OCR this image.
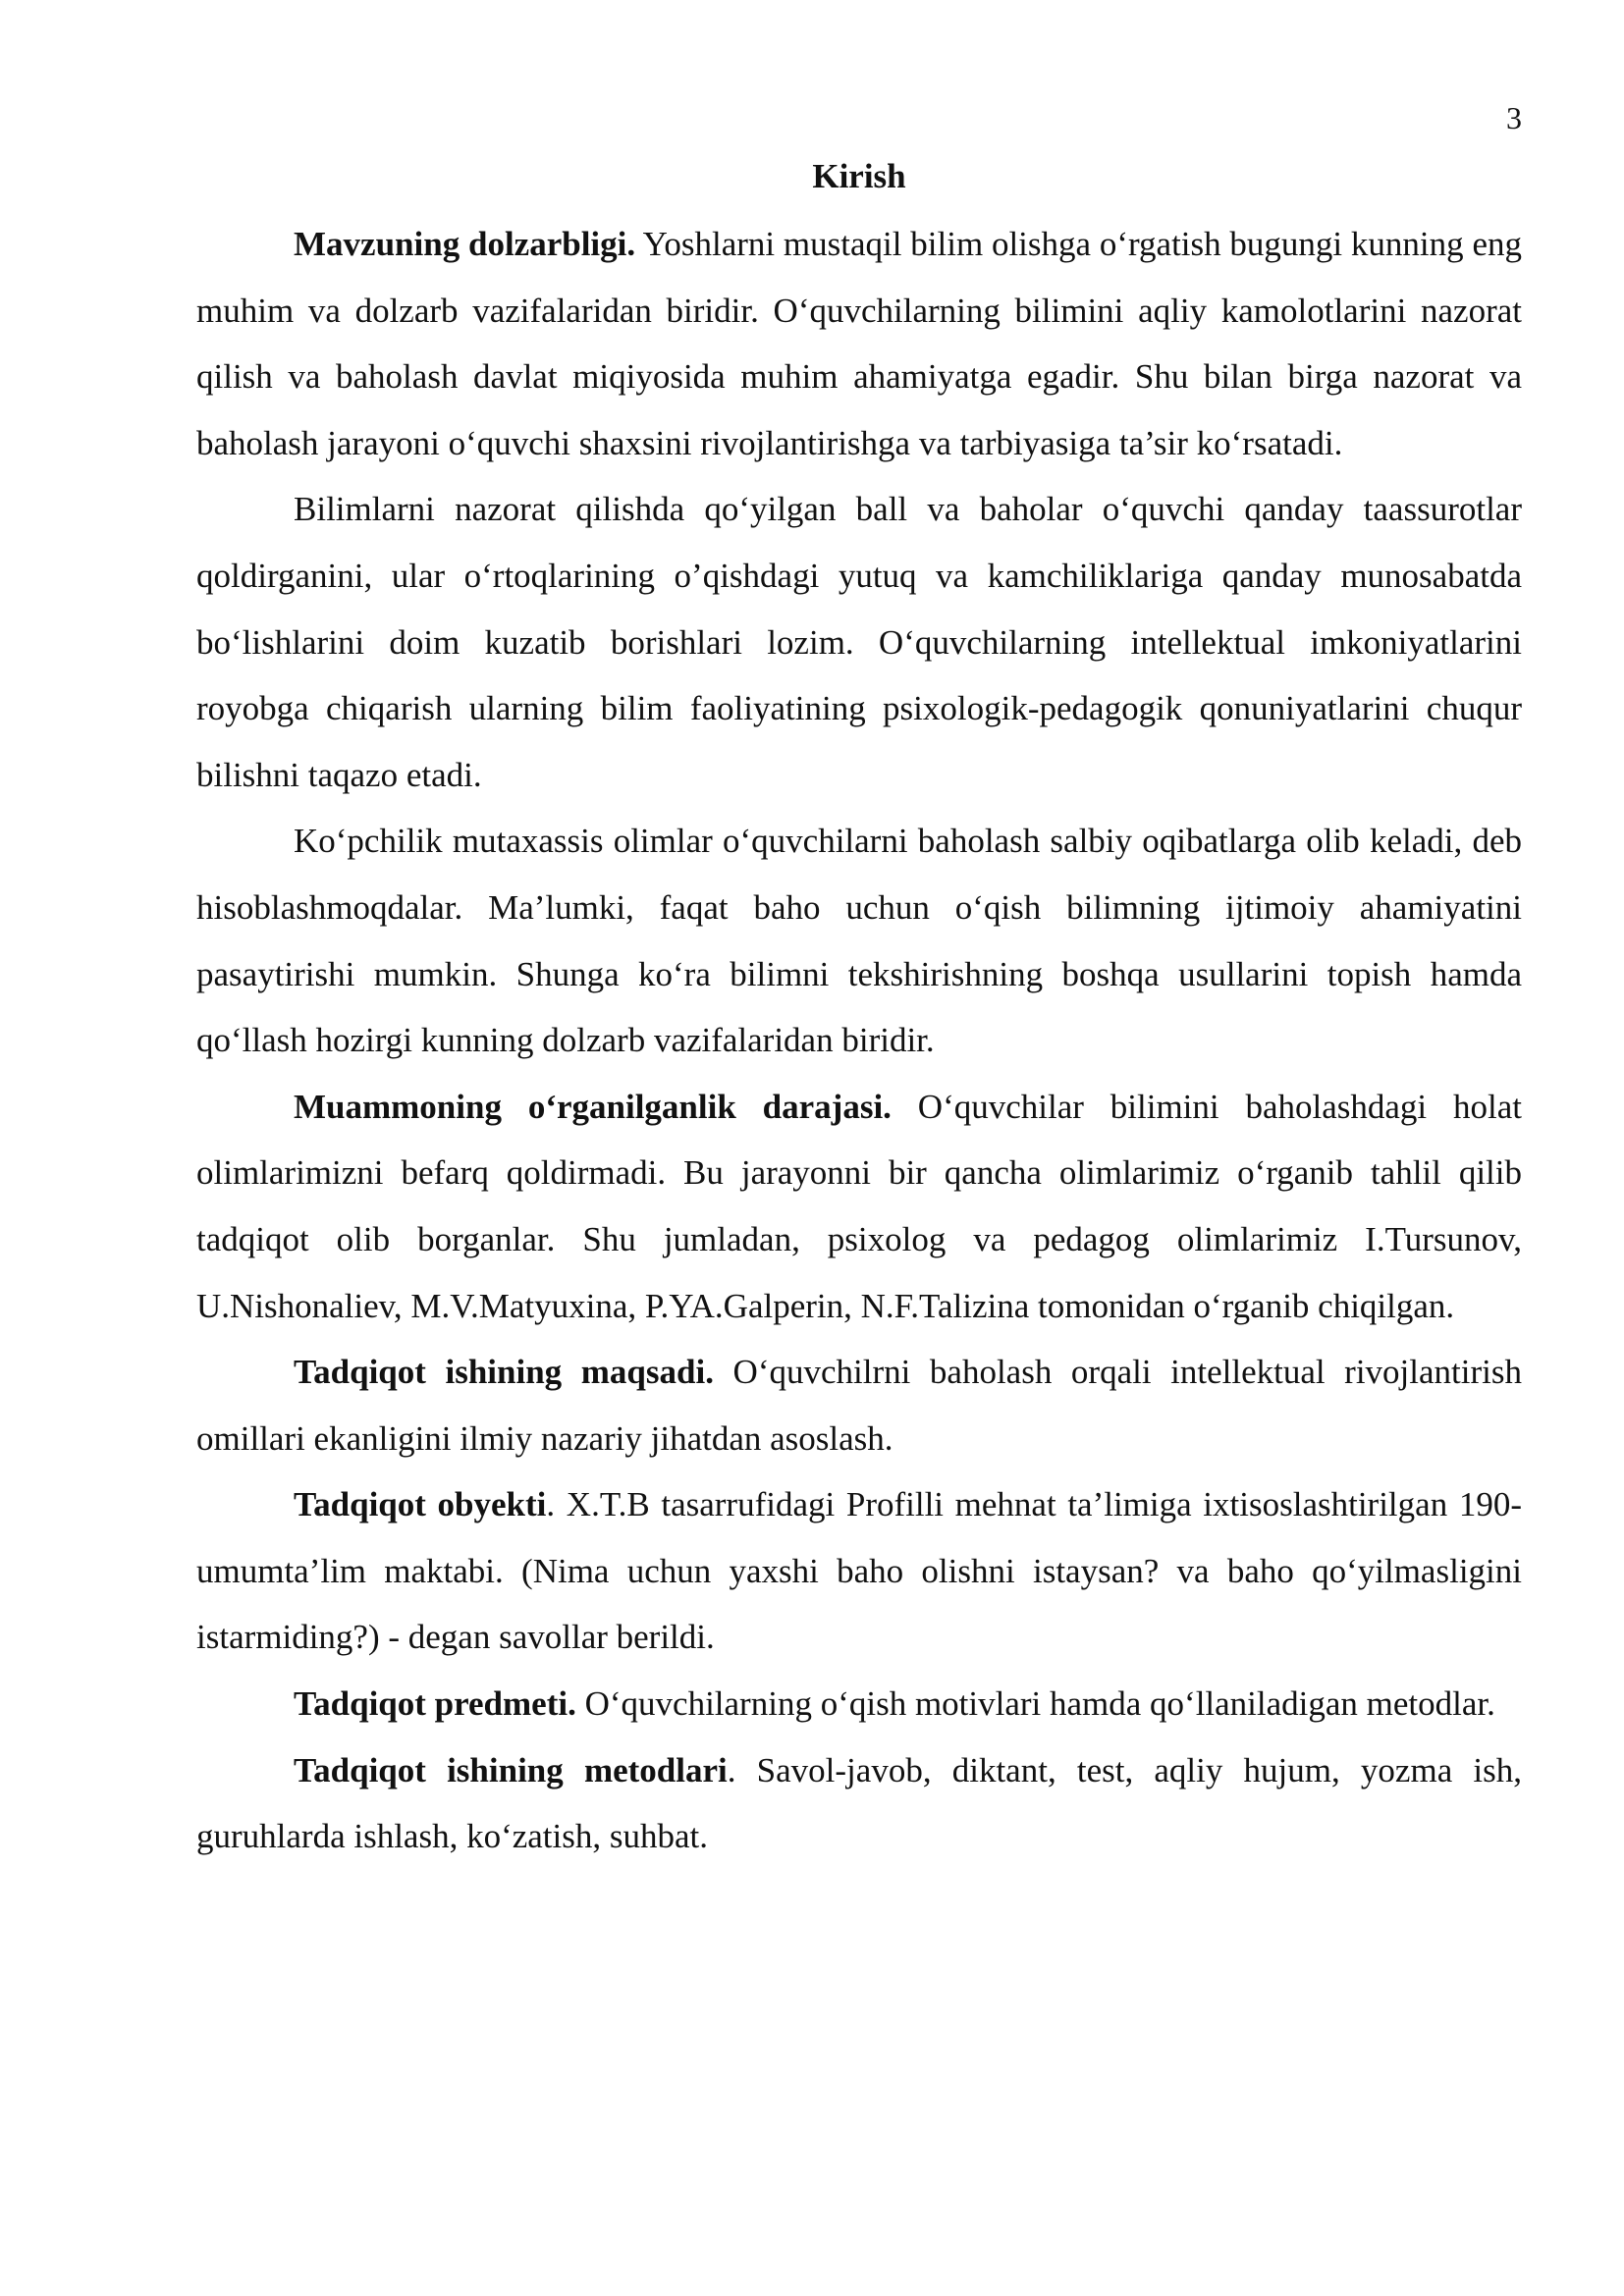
3
Kirish

Mavzuning dolzarbligi. Yoshlarni mustaqil bilim olishga o‘rgatish bugungi kunning eng muhim va dolzarb vazifalaridan biridir. O‘quvchilarning bilimini aqliy kamolotlarini nazorat qilish va baholash davlat miqiyosida muhim ahamiyatga egadir. Shu bilan birga nazorat va baholash jarayoni o‘quvchi shaxsini rivojlantirishga va tarbiyasiga ta’sir ko‘rsatadi.

Bilimlarni nazorat qilishda qo‘yilgan ball va baholar o‘quvchi qanday taassurotlar qoldirganini, ular o‘rtoqlarining o’qishdagi yutuq va kamchiliklariga qanday munosabatda bo‘lishlarini doim kuzatib borishlari lozim. O‘quvchilarning intellektual imkoniyatlarini royobga chiqarish ularning bilim faoliyatining psixologik-pedagogik qonuniyatlarini chuqur bilishni taqazo etadi.

Ko‘pchilik mutaxassis olimlar o‘quvchilarni baholash salbiy oqibatlarga olib keladi, deb hisoblashmoqdalar. Ma’lumki, faqat baho uchun o‘qish bilimning ijtimoiy ahamiyatini pasaytirishi mumkin. Shunga ko‘ra bilimni tekshirishning boshqa usullarini topish hamda qo‘llash hozirgi kunning dolzarb vazifalaridan biridir.

Muammoning o‘rganilganlik darajasi. O‘quvchilar bilimini baholashdagi holat olimlarimizni befarq qoldirmadi. Bu jarayonni bir qancha olimlarimiz o‘rganib tahlil qilib tadqiqot olib borganlar. Shu jumladan, psixolog va pedagog olimlarimiz I.Tursunov, U.Nishonaliev, M.V.Matyuxina, P.YA.Galperin, N.F.Talizina tomonidan o‘rganib chiqilgan.

Tadqiqot ishining maqsadi. O‘quvchilrni baholash orqali intellektual rivojlantirish omillari ekanligini ilmiy nazariy jihatdan asoslash.

Tadqiqot obyekti. X.T.B tasarrufidagi Profilli mehnat ta’limiga ixtisoslashtirilgan 190-umumta’lim maktabi. (Nima uchun yaxshi baho olishni istaysan? va baho qo‘yilmasligini istarmiding?) - degan savollar berildi.

Tadqiqot predmeti. O‘quvchilarning o‘qish motivlari hamda qo‘llaniladigan metodlar.

Tadqiqot ishining metodlari. Savol-javob, diktant, test, aqliy hujum, yozma ish, guruhlarda ishlash, ko‘zatish, suhbat.
